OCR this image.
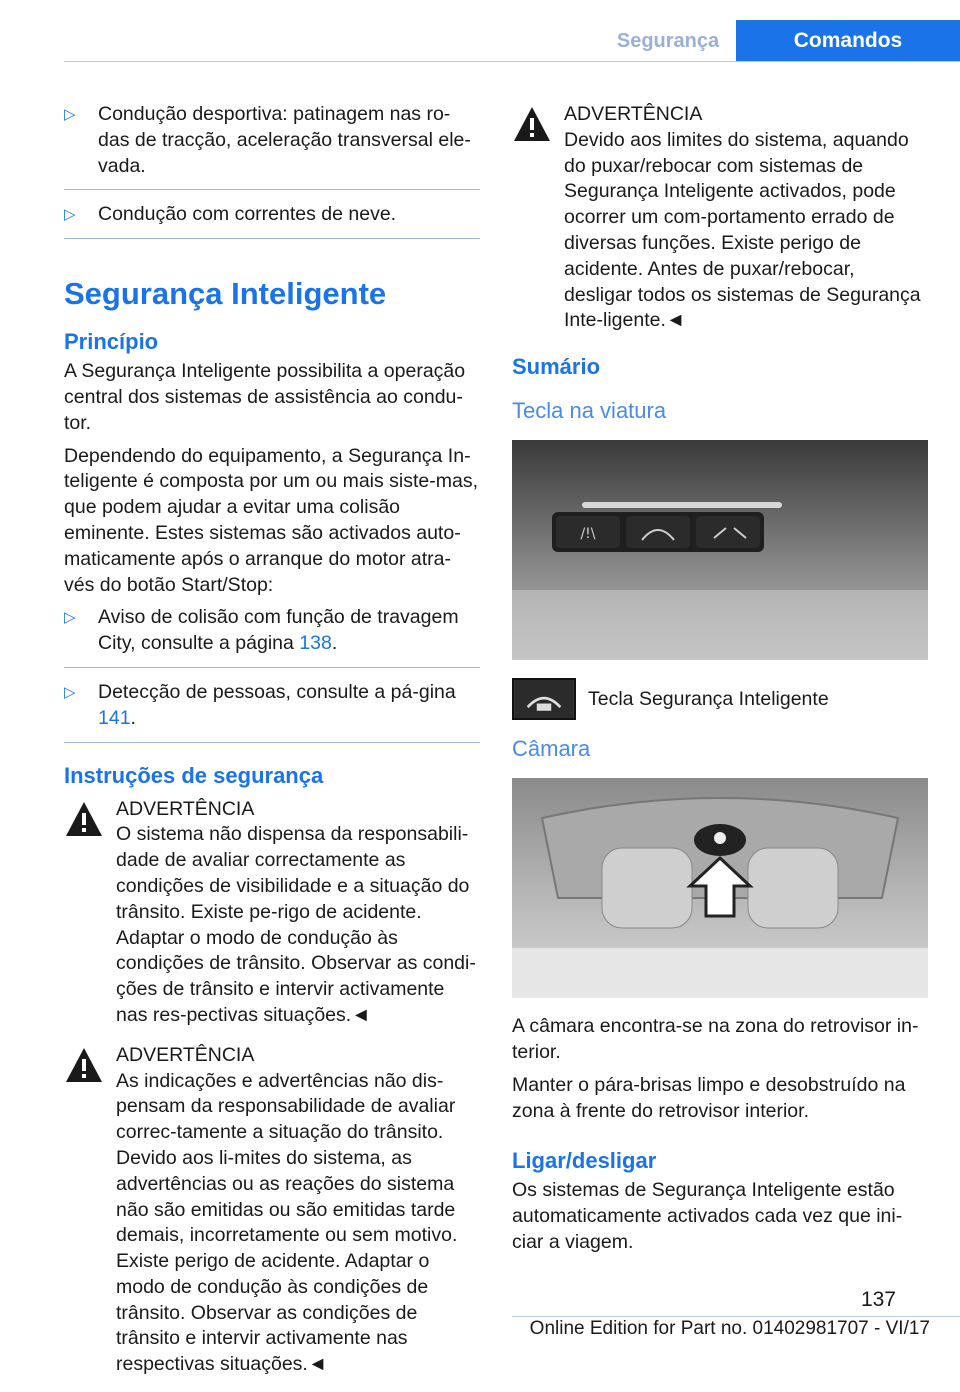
Segurança	Comandos
▷ Condução desportiva: patinagem nas ro-das de tracção, aceleração transversal ele-vada.
▷ Condução com correntes de neve.
Segurança Inteligente
Princípio

A Segurança Inteligente possibilita a operação central dos sistemas de assistência ao condu-tor.

Dependendo do equipamento, a Segurança In-teligente é composta por um ou mais siste-mas, que podem ajudar a evitar uma colisão eminente. Estes sistemas são activados auto-maticamente após o arranque do motor atra-vés do botão Start/Stop:

▷ Aviso de colisão com função de travagem City, consulte a página 138.
▷ Detecção de pessoas, consulte a pá-gina 141.
Instruções de segurança

ADVERTÊNCIA
O sistema não dispensa da responsabili-dade de avaliar correctamente as condições de visibilidade e a situação do trânsito. Existe pe-rigo de acidente. Adaptar o modo de condução às condições de trânsito. Observar as condi-ções de trânsito e intervir activamente nas res-pectivas situações.◄

ADVERTÊNCIA
As indicações e advertências não dis-pensam da responsabilidade de avaliar correc-tamente a situação do trânsito. Devido aos li-mites do sistema, as advertências ou as reações do sistema não são emitidas ou são emitidas tarde demais, incorretamente ou sem motivo. Existe perigo de acidente. Adaptar o modo de condução às condições de trânsito. Observar as condições de trânsito e intervir activamente nas respectivas situações.◄

ADVERTÊNCIA
Devido aos limites do sistema, aquando do puxar/rebocar com sistemas de Segurança Inteligente activados, pode ocorrer um com-portamento errado de diversas funções. Existe perigo de acidente. Antes de puxar/rebocar, desligar todos os sistemas de Segurança Inte-ligente.◄

Sumário
Tecla na viatura
/!\
Tecla Segurança Inteligente
Câmara

A câmara encontra-se na zona do retrovisor in-terior.

Manter o pára-brisas limpo e desobstruído na zona à frente do retrovisor interior.

Ligar/desligar

Os sistemas de Segurança Inteligente estão automaticamente activados cada vez que ini-ciar a viagem.

137
Online Edition for Part no. 01402981707 - VI/17
